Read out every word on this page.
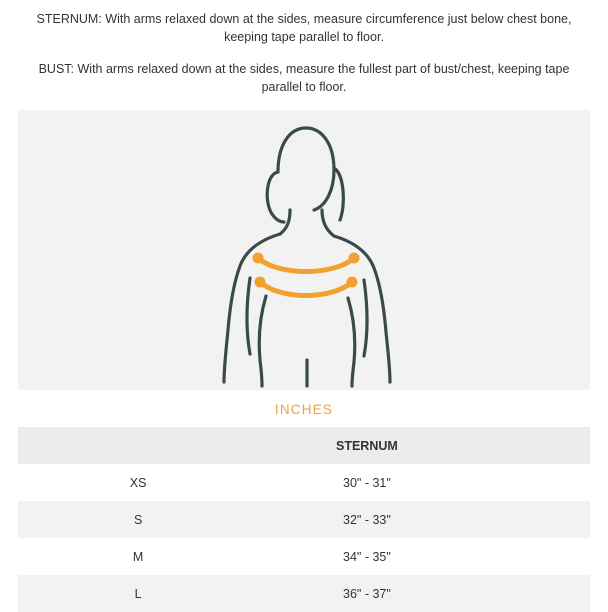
STERNUM: With arms relaxed down at the sides, measure circumference just below chest bone, keeping tape parallel to floor.

BUST: With arms relaxed down at the sides, measure the fullest part of bust/chest, keeping tape parallel to floor.

INCHES
	STERNUM	
XS	30" - 31"	
S	32" - 33"	
M	34" - 35"	
L	36" - 37"	
